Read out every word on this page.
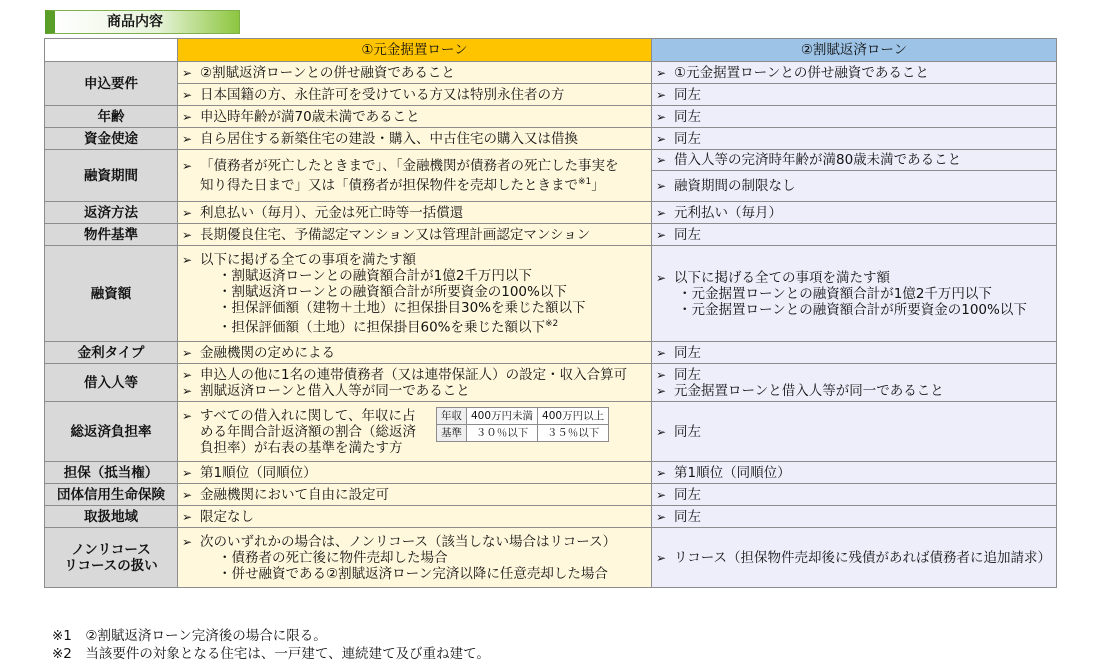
商品内容
	①元金据置ローン	②割賦返済ローン
申込要件	
➢ ②割賦返済ローンとの併せ融資であること

➢①元金据置ローンとの併せ融資であること

➢ 日本国籍の方、永住許可を受けている方又は特別永住者の方

➢同左

年齢	
➢申込時年齢が満70歳未満であること

➢同左

資金使途	
➢自ら居住する新築住宅の建設・購入、中古住宅の購入又は借換

➢同左

融資期間	
➢ 「債務者が死亡したときまで」、「金融機関が債務者の死亡した事実を
知り得た日まで」又は「債務者が担保物件を売却したときまで$^{※1}$」

➢ 借入人等の完済時年齢が満80歳未満であること

➢ 融資期間の制限なし

返済方法	
➢利息払い（毎月）、元金は死亡時等一括償還

➢元利払い（毎月）

物件基準	
➢長期優良住宅、予備認定マンション又は管理計画認定マンション

➢同左

融資額	
➢ 以下に掲げる全ての事項を満たす額
・割賦返済ローンとの融資額合計が1億2千万円以下
・割賦返済ローンとの融資額合計が所要資金の100%以下
・担保評価額（建物＋土地）に担保掛目30%を乗じた額以下
・担保評価額（土地）に担保掛目60%を乗じた額以下$^{※2}$

➢ 以下に掲げる全ての事項を満たす額
・元金据置ローンとの融資額合計が1億2千万円以下
・元金据置ローンとの融資額合計が所要資金の100%以下

金利タイプ	
➢金融機関の定めによる

➢同左

借入人等	
➢申込人の他に1名の連帯債務者（又は連帯保証人）の設定・収入合算可
➢ 割賦返済ローンと借入人等が同一であること

➢ 同左
➢ 元金据置ローンと借入人等が同一であること

総返済負担率	
➢ すべての借入れに関して、年収に占
める年間合計返済額の割合（総返済
負担率）が右表の基準を満たす方
年収	400万円未満	400万円以上
基準	３０％以下	３５％以下

➢	同左

担保（抵当権）	
➢第1順位（同順位）

➢第1順位（同順位）

団体信用生命保険	
➢金融機関において自由に設定可

➢同左

取扱地域	
➢限定なし

➢同左

ノンリコース
リコースの扱い	
➢ 次のいずれかの場合は、ノンリコース（該当しない場合はリコース）
・債務者の死亡後に物件売却した場合
・併せ融資である②割賦返済ローン完済以降に任意売却した場合

➢ リコース（担保物件売却後に残債があれば債務者に追加請求）
※1　②割賦返済ローン完済後の場合に限る。
※2　当該要件の対象となる住宅は、一戸建て、連続建て及び重ね建て。
